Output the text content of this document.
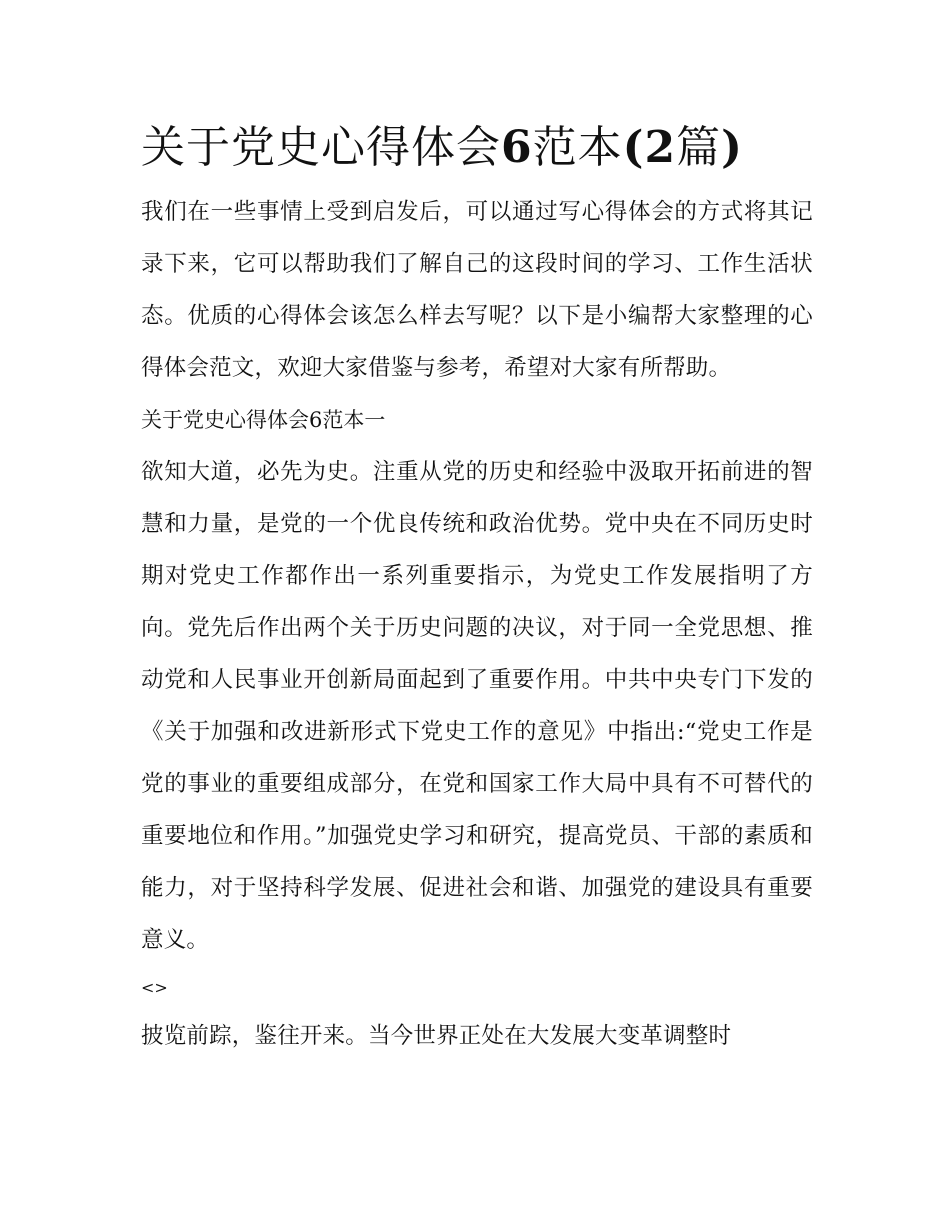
关于党史心得体会6范本(2篇)

我们在一些事情上受到启发后，可以通过写心得体会的方式将其记录下来，它可以帮助我们了解自己的这段时间的学习、工作生活状态。优质的心得体会该怎么样去写呢？以下是小编帮大家整理的心得体会范文，欢迎大家借鉴与参考，希望对大家有所帮助。

关于党史心得体会6范本一

欲知大道，必先为史。注重从党的历史和经验中汲取开拓前进的智慧和力量，是党的一个优良传统和政治优势。党中央在不同历史时期对党史工作都作出一系列重要指示，为党史工作发展指明了方向。党先后作出两个关于历史问题的决议，对于同一全党思想、推动党和人民事业开创新局面起到了重要作用。中共中央专门下发的《关于加强和改进新形式下党史工作的意见》中指出:“党史工作是党的事业的重要组成部分，在党和国家工作大局中具有不可替代的重要地位和作用。”加强党史学习和研究，提高党员、干部的素质和能力，对于坚持科学发展、促进社会和谐、加强党的建设具有重要意义。

<>

披览前踪，鉴往开来。当今世界正处在大发展大变革调整时
